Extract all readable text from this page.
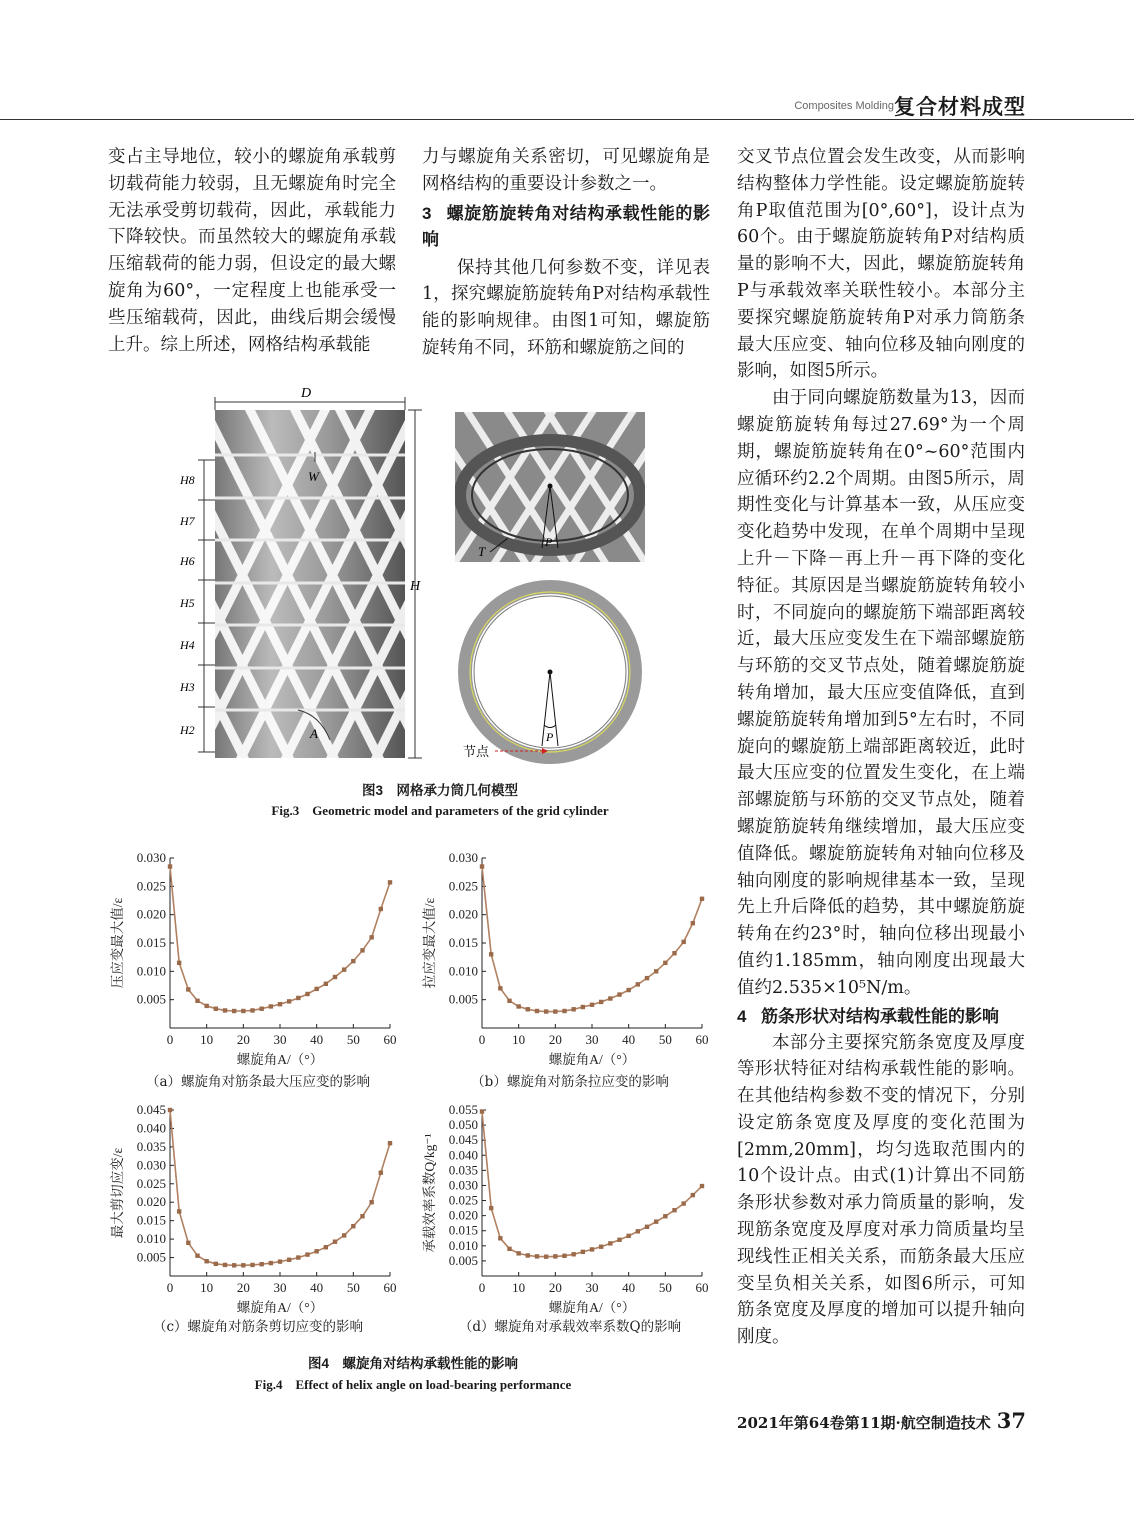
Composites Molding 复合材料成型

变占主导地位，较小的螺旋角承载剪切载荷能力较弱，且无螺旋角时完全无法承受剪切载荷，因此，承载能力下降较快。而虽然较大的螺旋角承载压缩载荷的能力弱，但设定的最大螺旋角为60°，一定程度上也能承受一些压缩载荷，因此，曲线后期会缓慢上升。综上所述，网格结构承载能

力与螺旋角关系密切，可见螺旋角是网格结构的重要设计参数之一。

3 螺旋筋旋转角对结构承载性能的影响

保持其他几何参数不变，详见表1，探究螺旋筋旋转角P对结构承载性能的影响规律。由图1可知，螺旋筋旋转角不同，环筋和螺旋筋之间的

交叉节点位置会发生改变，从而影响结构整体力学性能。设定螺旋筋旋转角P取值范围为[0°,60°]，设计点为60个。由于螺旋筋旋转角P对结构质量的影响不大，因此，螺旋筋旋转角P与承载效率关联性较小。本部分主要探究螺旋筋旋转角P对承力筒筋条最大压应变、轴向位移及轴向刚度的影响，如图5所示。

由于同向螺旋筋数量为13，因而螺旋筋旋转角每过27.69°为一个周期，螺旋筋旋转角在0°~60°范围内应循环约2.2个周期。由图5所示，周期性变化与计算基本一致，从压应变变化趋势中发现，在单个周期中呈现上升－下降－再上升－再下降的变化特征。其原因是当螺旋筋旋转角较小时，不同旋向的螺旋筋下端部距离较近，最大压应变发生在下端部螺旋筋与环筋的交叉节点处，随着螺旋筋旋转角增加，最大压应变值降低，直到螺旋筋旋转角增加到5°左右时，不同旋向的螺旋筋上端部距离较近，此时最大压应变的位置发生变化，在上端部螺旋筋与环筋的交叉节点处，随着螺旋筋旋转角继续增加，最大压应变值降低。螺旋筋旋转角对轴向位移及轴向刚度的影响规律基本一致，呈现先上升后降低的趋势，其中螺旋筋旋转角在约23°时，轴向位移出现最小值约1.185mm，轴向刚度出现最大值约2.535×10⁵N/m。

4 筋条形状对结构承载性能的影响

本部分主要探究筋条宽度及厚度等形状特征对结构承载性能的影响。在其他结构参数不变的情况下，分别设定筋条宽度及厚度的变化范围为[2mm,20mm]，均匀选取范围内的10个设计点。由式(1)计算出不同筋条形状参数对承力筒质量的影响，发现筋条宽度及厚度对承力筒质量均呈现线性正相关关系，而筋条最大压应变呈负相关关系，如图6所示，可知筋条宽度及厚度的增加可以提升轴向刚度。

D
H
H8
H7
H6
H5
H4
H3
H2
W
A
P
T
P
节点
图3　网格承力筒几何模型
Fig.3　Geometric model and parameters of the grid cylinder
0.005
0.010
0.015
0.020
0.025
0.030
0 10 20 30 40 50 60
螺旋角A/（°）
压应变最大值/ε
（a）螺旋角对筋条最大压应变的影响
0.005
0.010
0.015
0.020
0.025
0.030
0 10 20 30 40 50 60
螺旋角A/（°）
拉应变最大值/ε
（b）螺旋角对筋条拉应变的影响
0.005
0.010
0.015
0.020
0.025
0.030
0.035
0.040
0.045
0 10 20 30 40 50 60
螺旋角A/（°）
最大剪切应变/ε
（c）螺旋角对筋条剪切应变的影响
0.005
0.010
0.015
0.020
0.025
0.030
0.035
0.040
0.045
0.050
0.055
0 10 20 30 40 50 60
螺旋角A/（°）
承载效率系数Q/kg⁻¹
（d）螺旋角对承载效率系数Q的影响
图4　螺旋角对结构承载性能的影响
Fig.4　Effect of helix angle on load-bearing performance
2021年第64卷第11期·航空制造技术 37
